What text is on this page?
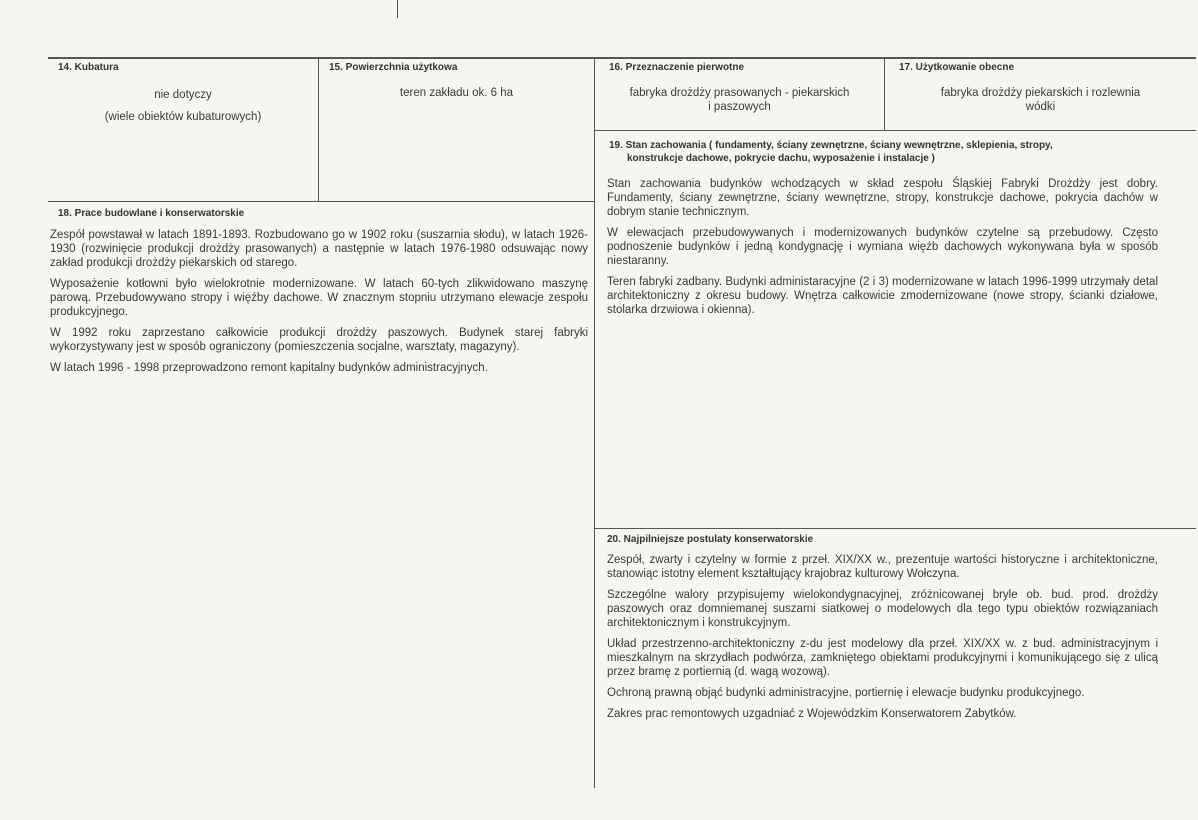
14. Kubatura
nie dotyczy
(wiele obiektów kubaturowych)
15. Powierzchnia użytkowa
teren zakładu ok. 6 ha
16. Przeznaczenie pierwotne
fabryka drożdży prasowanych - piekarskich
i paszowych
17. Użytkowanie obecne
fabryka drożdży piekarskich i rozlewnia
wódki
18. Prace budowlane i konserwatorskie

Zespół powstawał w latach 1891-1893. Rozbudowano go w 1902 roku (suszarnia słodu), w latach 1926-1930 (rozwinięcie produkcji drożdży prasowanych) a następnie w latach 1976-1980 odsuwając nowy zakład produkcji drożdży piekarskich od starego.

Wyposażenie kotłowni było wielokrotnie modernizowane. W latach 60-tych zlikwidowano maszynę parową. Przebudowywano stropy i więźby dachowe. W znacznym stopniu utrzymano elewacje zespołu produkcyjnego.

W 1992 roku zaprzestano całkowicie produkcji drożdży paszowych. Budynek starej fabryki wykorzystywany jest w sposób ograniczony (pomieszczenia socjalne, warsztaty, magazyny).

W latach 1996 - 1998 przeprowadzono remont kapitalny budynków administracyjnych.

19. Stan zachowania ( fundamenty, ściany zewnętrzne, ściany wewnętrzne, sklepienia, stropy,
konstrukcje dachowe, pokrycie dachu, wyposażenie i instalacje )

Stan zachowania budynków wchodzących w skład zespołu Śląskiej Fabryki Drożdży jest dobry. Fundamenty, ściany zewnętrzne, ściany wewnętrzne, stropy, konstrukcje dachowe, pokrycia dachów w dobrym stanie technicznym.

W elewacjach przebudowywanych i modernizowanych budynków czytelne są przebudowy. Często podnoszenie budynków i jedną kondygnację i wymiana więźb dachowych wykonywana była w sposób niestaranny.

Teren fabryki zadbany. Budynki administaracyjne (2 i 3) modernizowane w latach 1996-1999 utrzymały detal architektoniczny z okresu budowy. Wnętrza całkowicie zmodernizowane (nowe stropy, ścianki działowe, stolarka drzwiowa i okienna).

20. Najpilniejsze postulaty konserwatorskie

Zespół, zwarty i czytelny w formie z przeł. XIX/XX w., prezentuje wartości historyczne i architektoniczne, stanowiąc istotny element kształtujący krajobraz kulturowy Wołczyna.

Szczególne walory przypisujemy wielokondygnacyjnej, zróżnicowanej bryle ob. bud. prod. drożdży paszowych oraz domniemanej suszarni siatkowej o modelowych dla tego typu obiektów rozwiązaniach architektonicznym i konstrukcyjnym.

Układ przestrzenno-architektoniczny z-du jest modelowy dla przeł. XIX/XX w. z bud. administracyjnym i mieszkalnym na skrzydłach podwórza, zamkniętego obiektami produkcyjnymi i komunikującego się z ulicą przez bramę z portiernią (d. wagą wozową).

Ochroną prawną objąć budynki administracyjne, portiernię i elewacje budynku produkcyjnego.

Zakres prac remontowych uzgadniać z Wojewódzkim Konserwatorem Zabytków.
